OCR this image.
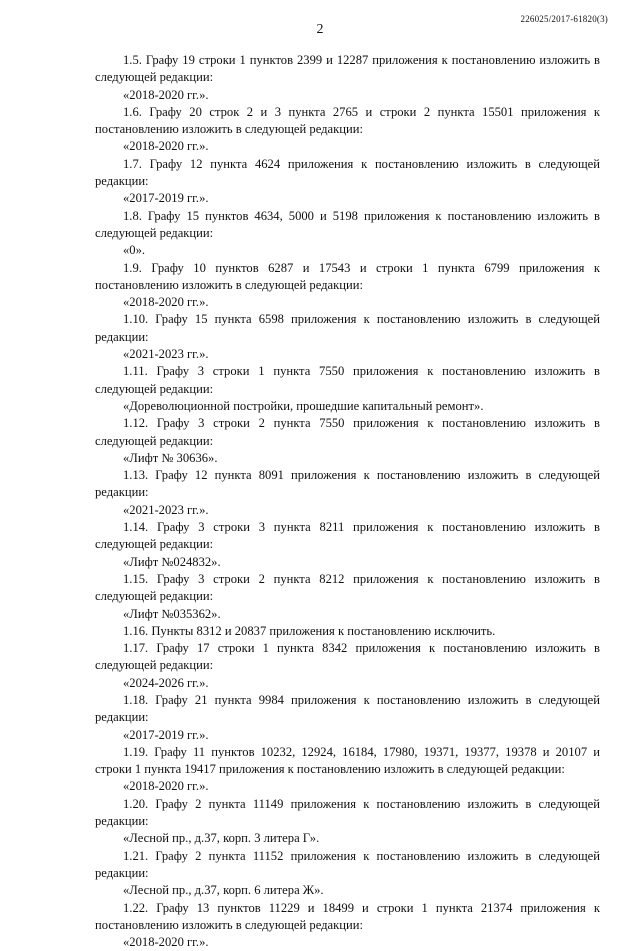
2
226025/2017-61820(3)

1.5. Графу 19 строки 1 пунктов 2399 и 12287 приложения к постановлению изложить в следующей редакции:

«2018-2020 гг.».

1.6. Графу 20 строк 2 и 3 пункта 2765 и строки 2 пункта 15501 приложения к постановлению изложить в следующей редакции:

«2018-2020 гг.».

1.7. Графу 12 пункта 4624 приложения к постановлению изложить в следующей редакции:

«2017-2019 гг.».

1.8. Графу 15 пунктов 4634, 5000 и 5198 приложения к постановлению изложить в следующей редакции:

«0».

1.9. Графу 10 пунктов 6287 и 17543 и строки 1 пункта 6799 приложения к постановлению изложить в следующей редакции:

«2018-2020 гг.».

1.10. Графу 15 пункта 6598 приложения к постановлению изложить в следующей редакции:

«2021-2023 гг.».

1.11. Графу 3 строки 1 пункта 7550 приложения к постановлению изложить в следующей редакции:

«Дореволюционной постройки, прошедшие капитальный ремонт».

1.12. Графу 3 строки 2 пункта 7550 приложения к постановлению изложить в следующей редакции:

«Лифт № 30636».

1.13. Графу 12 пункта 8091 приложения к постановлению изложить в следующей редакции:

«2021-2023 гг.».

1.14. Графу 3 строки 3 пункта 8211 приложения к постановлению изложить в следующей редакции:

«Лифт №024832».

1.15. Графу 3 строки 2 пункта 8212 приложения к постановлению изложить в следующей редакции:

«Лифт №035362».

1.16. Пункты 8312 и 20837 приложения к постановлению исключить.

1.17. Графу 17 строки 1 пункта 8342 приложения к постановлению изложить в следующей редакции:

«2024-2026 гг.».

1.18. Графу 21 пункта 9984 приложения к постановлению изложить в следующей редакции:

«2017-2019 гг.».

1.19. Графу 11 пунктов 10232, 12924, 16184, 17980, 19371, 19377, 19378 и 20107 и строки 1 пункта 19417 приложения к постановлению изложить в следующей редакции:

«2018-2020 гг.».

1.20. Графу 2 пункта 11149 приложения к постановлению изложить в следующей редакции:

«Лесной пр., д.37, корп. 3 литера Г».

1.21. Графу 2 пункта 11152 приложения к постановлению изложить в следующей редакции:

«Лесной пр., д.37, корп. 6 литера Ж».

1.22. Графу 13 пунктов 11229 и 18499 и строки 1 пункта 21374 приложения к постановлению изложить в следующей редакции:

«2018-2020 гг.».
